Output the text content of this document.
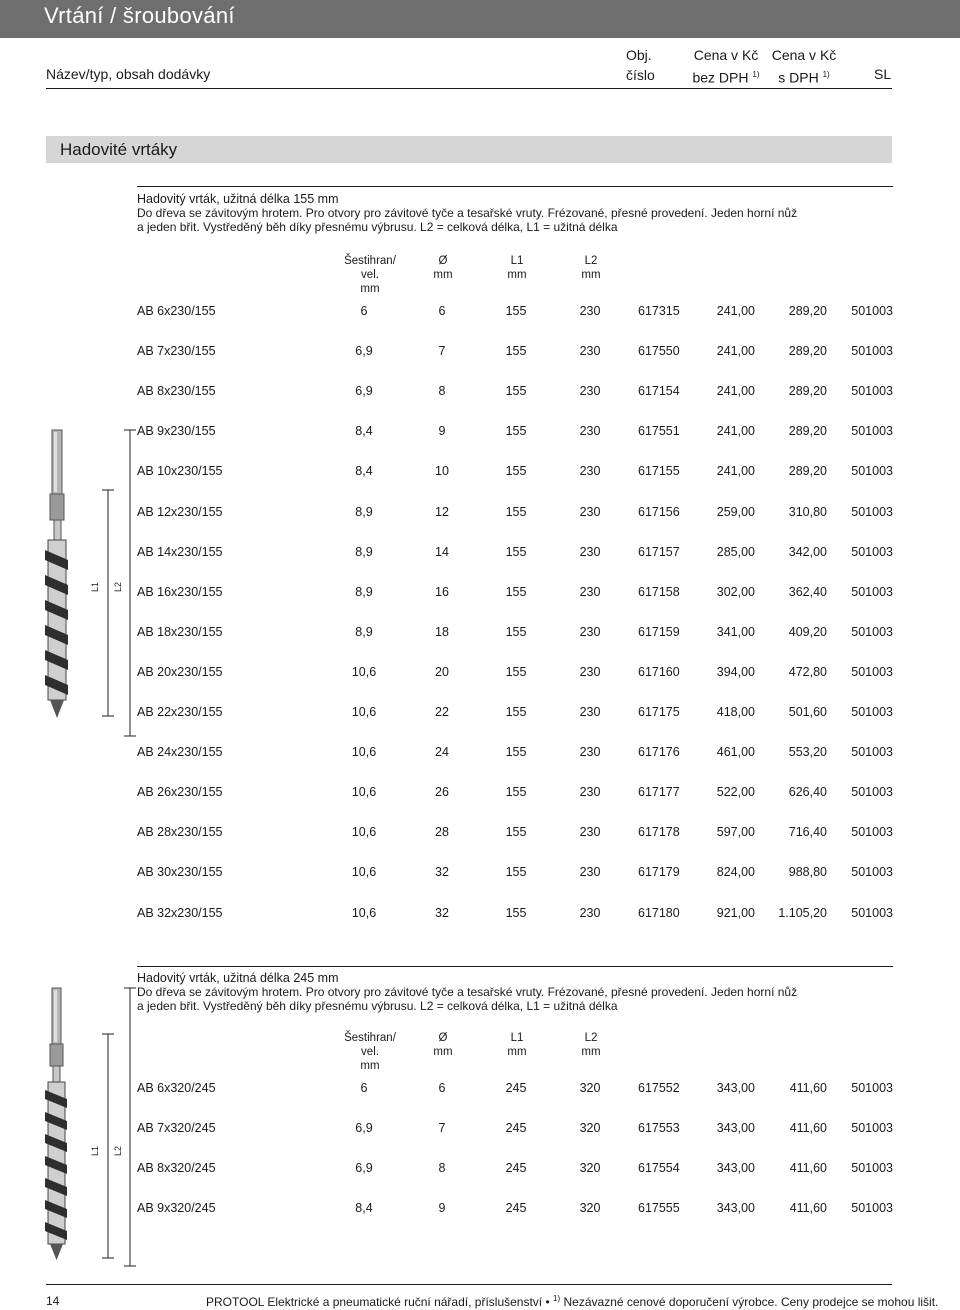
Vrtání / šroubování
Název/typ, obsah dodávky
Obj.
číslo
Cena v Kč
bez DPH $^{1)}$
Cena v Kč
s DPH $^{1)}$	SL
Hadovité vrtáky
Hadovitý vrták, užitná délka 155 mm
Do dřeva se závitovým hrotem. Pro otvory pro závitové tyče a tesařské vruty. Frézované, přesné provedení. Jeden horní nůž
a jeden břit. Vystředěný běh díky přesnému výbrusu. L2 = celková délka, L1 = užitná délka
Šestihran/
vel.
mm
Ø
mm
L1
mm
L2
mm
AB 6x230/155	6	6	155	230	617315	241,00	289,20	501003
AB 7x230/155	6,9	7	155	230	617550	241,00	289,20	501003
AB 8x230/155	6,9	8	155	230	617154	241,00	289,20	501003
AB 9x230/155	8,4	9	155	230	617551	241,00	289,20	501003
AB 10x230/155	8,4	10	155	230	617155	241,00	289,20	501003
AB 12x230/155	8,9	12	155	230	617156	259,00	310,80	501003
AB 14x230/155	8,9	14	155	230	617157	285,00	342,00	501003
AB 16x230/155	8,9	16	155	230	617158	302,00	362,40	501003
AB 18x230/155	8,9	18	155	230	617159	341,00	409,20	501003
AB 20x230/155	10,6	20	155	230	617160	394,00	472,80	501003
AB 22x230/155	10,6	22	155	230	617175	418,00	501,60	501003
AB 24x230/155	10,6	24	155	230	617176	461,00	553,20	501003
AB 26x230/155	10,6	26	155	230	617177	522,00	626,40	501003
AB 28x230/155	10,6	28	155	230	617178	597,00	716,40	501003
AB 30x230/155	10,6	32	155	230	617179	824,00	988,80	501003
AB 32x230/155	10,6	32	155	230	617180	921,00	1.105,20	501003
L1 L2
Hadovitý vrták, užitná délka 245 mm
Do dřeva se závitovým hrotem. Pro otvory pro závitové tyče a tesařské vruty. Frézované, přesné provedení. Jeden horní nůž
a jeden břit. Vystředěný běh díky přesnému výbrusu. L2 = celková délka, L1 = užitná délka
Šestihran/
vel.
mm
Ø
mm
L1
mm
L2
mm
AB 6x320/245	6	6	245	320	617552	343,00	411,60	501003
AB 7x320/245	6,9	7	245	320	617553	343,00	411,60	501003
AB 8x320/245	6,9	8	245	320	617554	343,00	411,60	501003
AB 9x320/245	8,4	9	245	320	617555	343,00	411,60	501003
L1 L2
14	PROTOOL Elektrické a pneumatické ruční nářadí, příslušenství • $^{1)}$ Nezávazné cenové doporučení výrobce. Ceny prodejce se mohou lišit.
